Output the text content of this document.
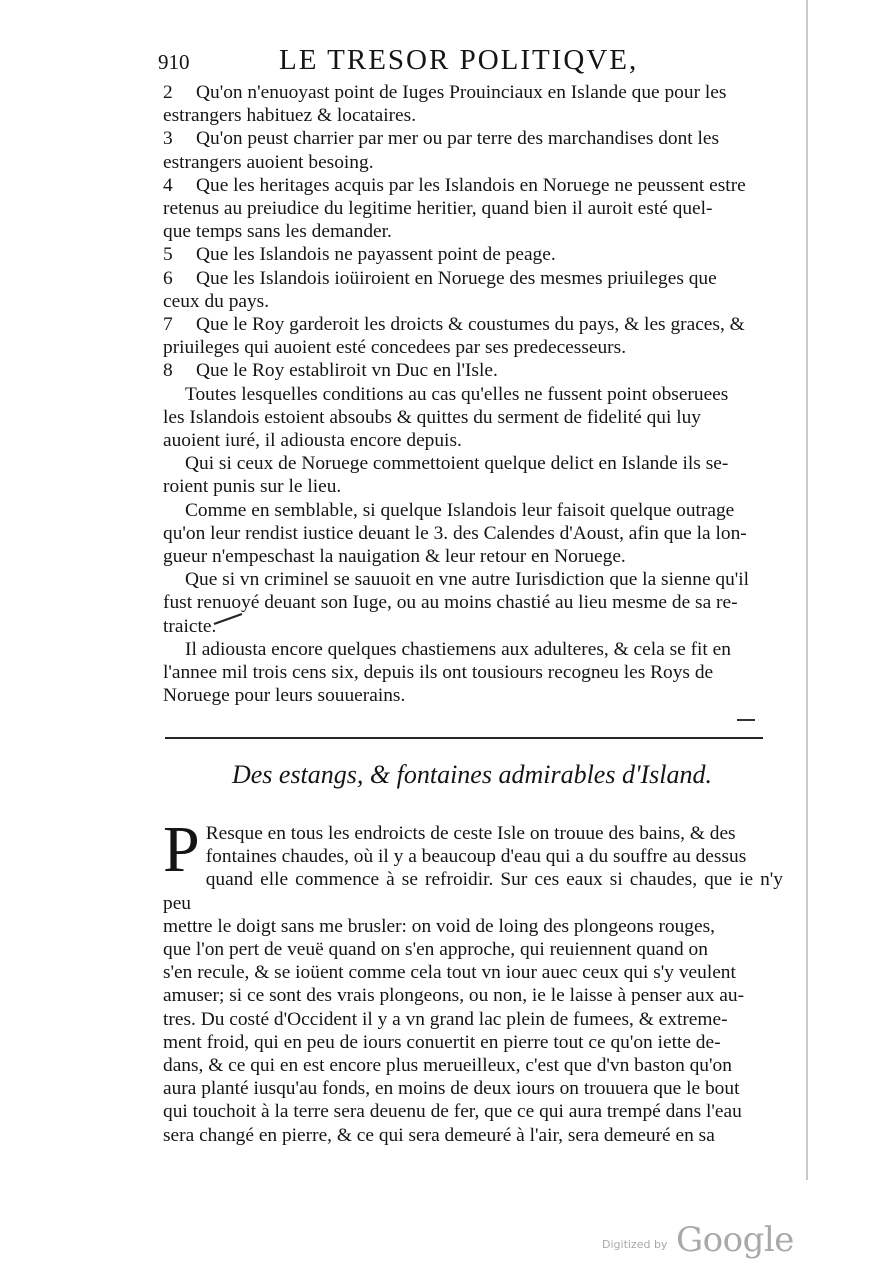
910	LE TRESOR POLITIQVE,
2	Qu'on n'enuoyast point de Iuges Prouinciaux en Islande que pour les

estrangers habituez & locataires.

3	Qu'on peust charrier par mer ou par terre des marchandises dont les

estrangers auoient besoing.

4	Que les heritages acquis par les Islandois en Noruege ne peussent estre

retenus au preiudice du legitime heritier, quand bien il auroit esté quel-

que temps sans les demander.

5	Que les Islandois ne payassent point de peage.

6	Que les Islandois ioüiroient en Noruege des mesmes priuileges que

ceux du pays.

7	Que le Roy garderoit les droicts & coustumes du pays, & les graces, &

priuileges qui auoient esté concedees par ses predecesseurs.

8	Que le Roy establiroit vn Duc en l'Isle.

Toutes lesquelles conditions au cas qu'elles ne fussent point obseruees

les Islandois estoient absoubs & quittes du serment de fidelité qui luy

auoient iuré, il adiousta encore depuis.

Qui si ceux de Noruege commettoient quelque delict en Islande ils se-

roient punis sur le lieu.

Comme en semblable, si quelque Islandois leur faisoit quelque outrage

qu'on leur rendist iustice deuant le 3. des Calendes d'Aoust, afin que la lon-

gueur n'empeschast la nauigation & leur retour en Noruege.

Que si vn criminel se sauuoit en vne autre Iurisdiction que la sienne qu'il

fust renuoyé deuant son Iuge, ou au moins chastié au lieu mesme de sa re-

traicte.

Il adiousta encore quelques chastiemens aux adulteres, & cela se fit en

l'annee mil trois cens six, depuis ils ont tousiours recogneu les Roys de

Noruege pour leurs souuerains.

Des estangs, & fontaines admirables d'Island.
P Resque en tous les endroicts de ceste Isle on trouue des bains, & des

fontaines chaudes, où il y a beaucoup d'eau qui a du souffre au dessus

quand elle commence à se refroidir. Sur ces eaux si chaudes, que ie n'y peu

mettre le doigt sans me brusler: on void de loing des plongeons rouges,

que l'on pert de veuë quand on s'en approche, qui reuiennent quand on

s'en recule, & se ioüent comme cela tout vn iour auec ceux qui s'y veulent

amuser; si ce sont des vrais plongeons, ou non, ie le laisse à penser aux au-

tres. Du costé d'Occident il y a vn grand lac plein de fumees, & extreme-

ment froid, qui en peu de iours conuertit en pierre tout ce qu'on iette de-

dans, & ce qui en est encore plus merueilleux, c'est que d'vn baston qu'on

aura planté iusqu'au fonds, en moins de deux iours on trouuera que le bout

qui touchoit à la terre sera deuenu de fer, que ce qui aura trempé dans l'eau

sera changé en pierre, & ce qui sera demeuré à l'air, sera demeuré en sa

Digitized by Google
